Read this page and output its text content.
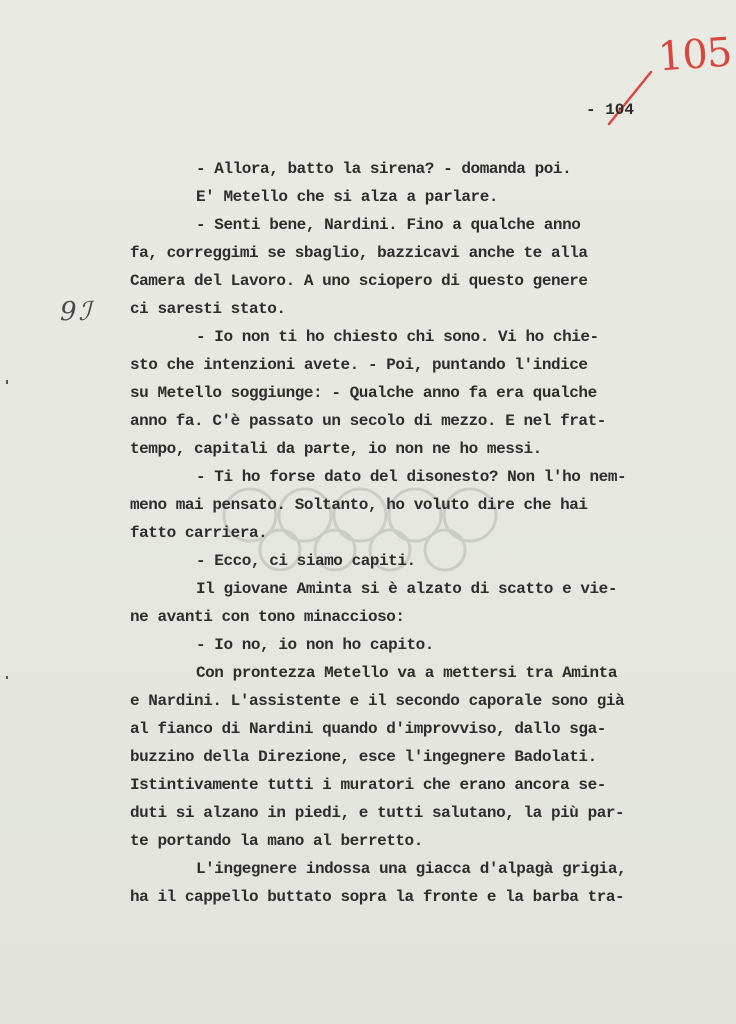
105
- 104
9ℐ
- Allora, batto la sirena? - domanda poi.
E' Metello che si alza a parlare.
- Senti bene, Nardini. Fino a qualche anno
fa, correggimi se sbaglio, bazzicavi anche te alla
Camera del Lavoro. A uno sciopero di questo genere
ci saresti stato.
- Io non ti ho chiesto chi sono. Vi ho chie-
sto che intenzioni avete. - Poi, puntando l'indice
su Metello soggiunge: - Qualche anno fa era qualche
anno fa. C'è passato un secolo di mezzo. E nel frat-
tempo, capitali da parte, io non ne ho messi.
- Ti ho forse dato del disonesto? Non l'ho nem-
meno mai pensato. Soltanto, ho voluto dire che hai
fatto carriera.
- Ecco, ci siamo capiti.
Il giovane Aminta si è alzato di scatto e vie-
ne avanti con tono minaccioso:
- Io no, io non ho capito.
Con prontezza Metello va a mettersi tra Aminta
e Nardini. L'assistente e il secondo caporale sono già
al fianco di Nardini quando d'improvviso, dallo sga-
buzzino della Direzione, esce l'ingegnere Badolati.
Istintivamente tutti i muratori che erano ancora se-
duti si alzano in piedi, e tutti salutano, la più par-
te portando la mano al berretto.
L'ingegnere indossa una giacca d'alpagà grigia,
ha il cappello buttato sopra la fronte e la barba tra-
